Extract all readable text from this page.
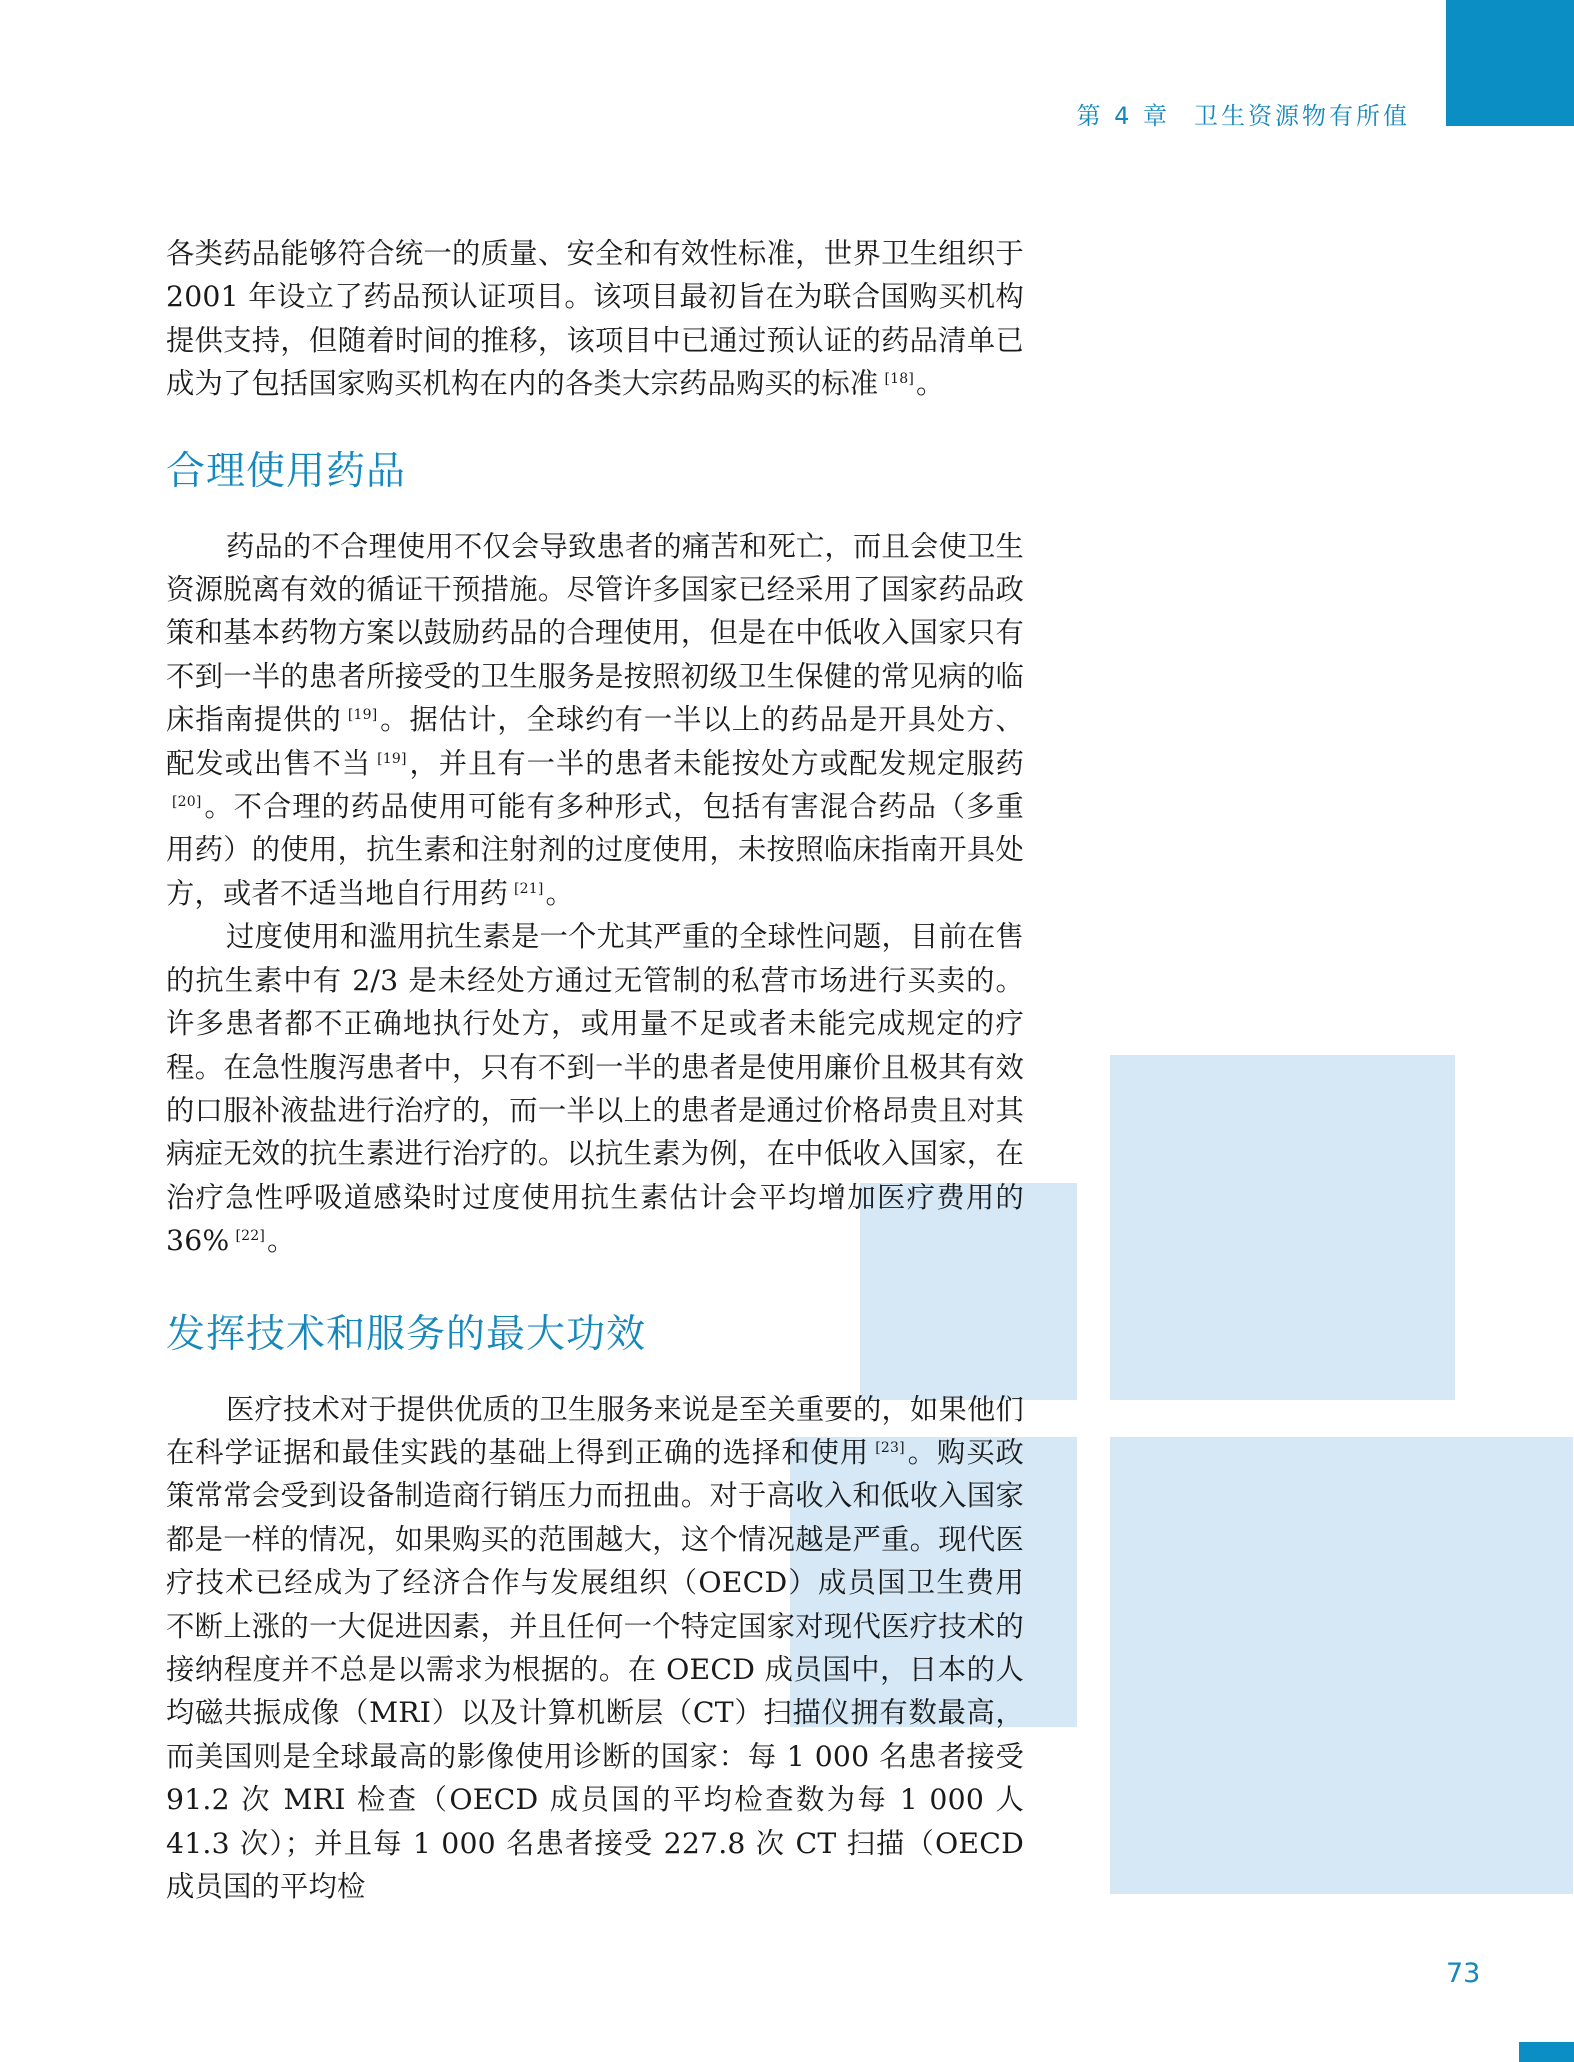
第 4 章 卫生资源物有所值

各类药品能够符合统一的质量、安全和有效性标准，世界卫生组织于 2001 年设立了药品预认证项目。该项目最初旨在为联合国购买机构提供支持，但随着时间的推移，该项目中已通过预认证的药品清单已成为了包括国家购买机构在内的各类大宗药品购买的标准 [18]。

合理使用药品

药品的不合理使用不仅会导致患者的痛苦和死亡，而且会使卫生资源脱离有效的循证干预措施。尽管许多国家已经采用了国家药品政策和基本药物方案以鼓励药品的合理使用，但是在中低收入国家只有不到一半的患者所接受的卫生服务是按照初级卫生保健的常见病的临床指南提供的 [19]。据估计，全球约有一半以上的药品是开具处方、配发或出售不当 [19]，并且有一半的患者未能按处方或配发规定服药[20]。不合理的药品使用可能有多种形式，包括有害混合药品（多重用药）的使用，抗生素和注射剂的过度使用，未按照临床指南开具处方，或者不适当地自行用药 [21]。

过度使用和滥用抗生素是一个尤其严重的全球性问题，目前在售的抗生素中有 2/3 是未经处方通过无管制的私营市场进行买卖的。许多患者都不正确地执行处方，或用量不足或者未能完成规定的疗程。在急性腹泻患者中，只有不到一半的患者是使用廉价且极其有效的口服补液盐进行治疗的，而一半以上的患者是通过价格昂贵且对其病症无效的抗生素进行治疗的。以抗生素为例，在中低收入国家，在治疗急性呼吸道感染时过度使用抗生素估计会平均增加医疗费用的 36% [22]。

发挥技术和服务的最大功效

医疗技术对于提供优质的卫生服务来说是至关重要的，如果他们在科学证据和最佳实践的基础上得到正确的选择和使用 [23]。购买政策常常会受到设备制造商行销压力而扭曲。对于高收入和低收入国家都是一样的情况，如果购买的范围越大，这个情况越是严重。现代医疗技术已经成为了经济合作与发展组织（OECD）成员国卫生费用不断上涨的一大促进因素，并且任何一个特定国家对现代医疗技术的接纳程度并不总是以需求为根据的。在 OECD 成员国中，日本的人均磁共振成像（MRI）以及计算机断层（CT）扫描仪拥有数最高，而美国则是全球最高的影像使用诊断的国家：每 1 000 名患者接受 91.2 次 MRI 检查（OECD 成员国的平均检查数为每 1 000 人 41.3 次）；并且每 1 000 名患者接受 227.8 次 CT 扫描（OECD 成员国的平均检

73
